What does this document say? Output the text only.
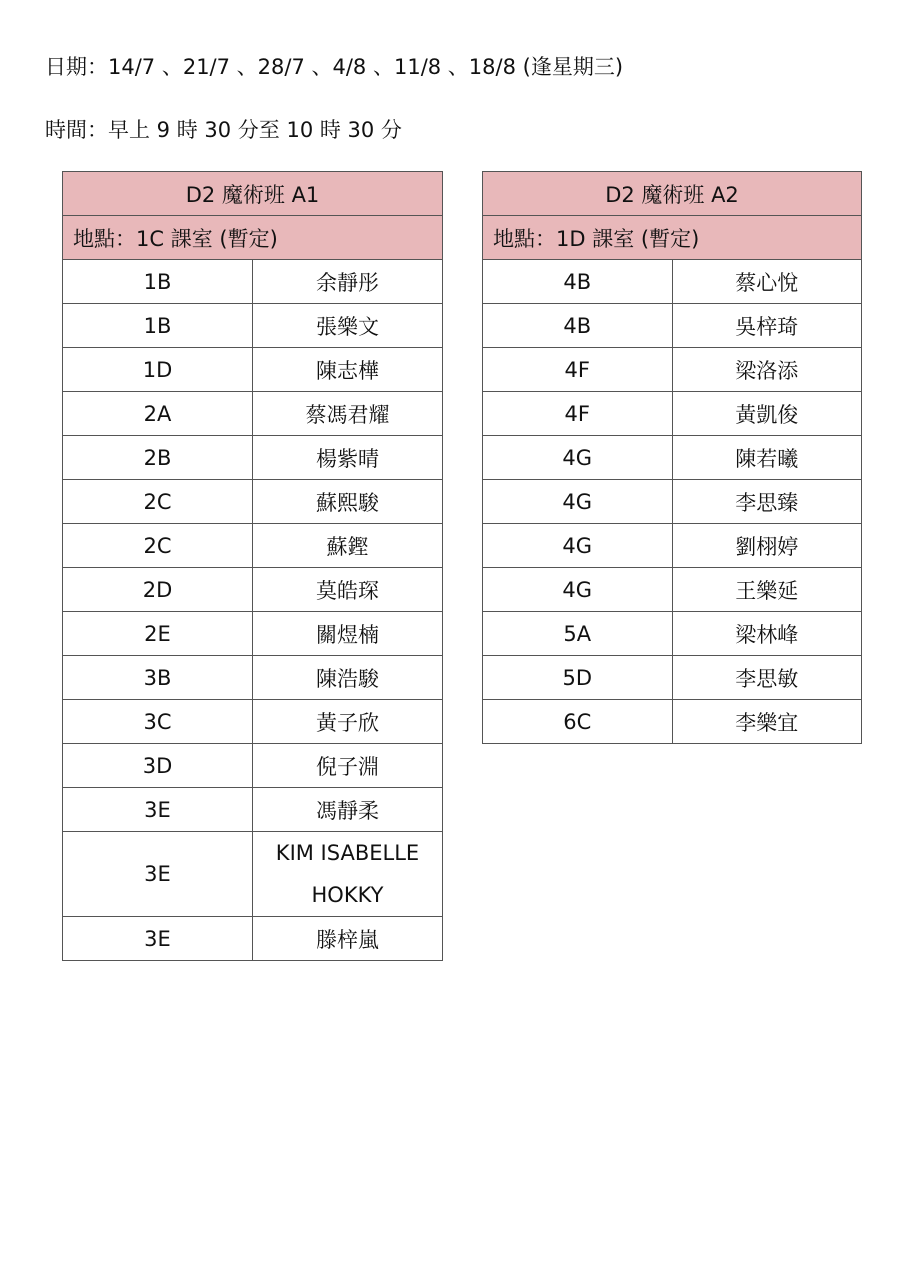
日期：14/7 、21/7 、28/7 、4/8 、11/8 、18/8 (逢星期三)
時間：早上 9 時 30 分至 10 時 30 分
D2 魔術班 A1	
地點：1C 課室 (暫定)	
1B	余靜彤
1B	張樂文
1D	陳志樺
2A	蔡馮君耀
2B	楊紫晴
2C	蘇熙駿
2C	蘇鏗
2D	莫皓琛
2E	關煜楠
3B	陳浩駿
3C	黃子欣
3D	倪子淵
3E	馮靜柔
3E	KIM ISABELLE HOKKY
3E	滕梓嵐
D2 魔術班 A2	
地點：1D 課室 (暫定)	
4B	蔡心悅
4B	吳梓琦
4F	梁洛添
4F	黃凱俊
4G	陳若曦
4G	李思臻
4G	劉栩婷
4G	王樂延
5A	梁林峰
5D	李思敏
6C	李樂宜
